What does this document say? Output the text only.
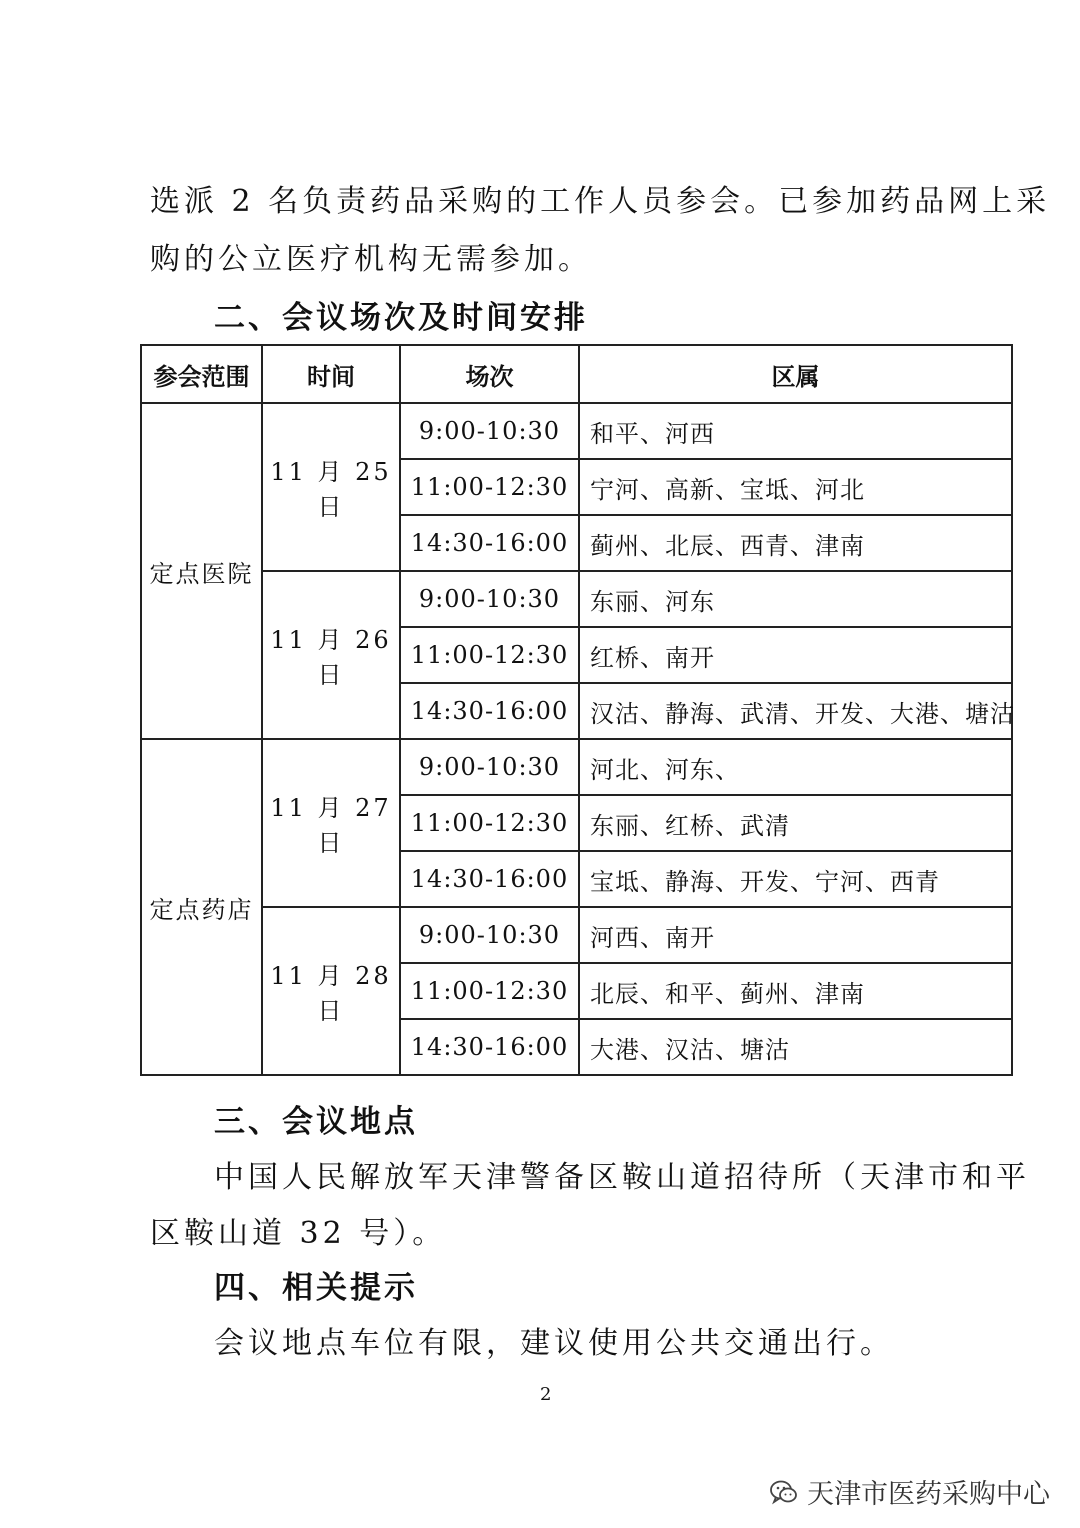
选派 2 名负责药品采购的工作人员参会。已参加药品网上采
购的公立医疗机构无需参加。
二、会议场次及时间安排
参会范围	时间	场次	区属
定点医院	11 月 25 日	9:00-10:30	和平、河西
		11:00-12:30	宁河、高新、宝坻、河北
		14:30-16:00	蓟州、北辰、西青、津南
	11 月 26 日	9:00-10:30	东丽、河东
		11:00-12:30	红桥、南开
		14:30-16:00	汉沽、静海、武清、开发、大港、塘沽
定点药店	11 月 27 日	9:00-10:30	河北、河东、
		11:00-12:30	东丽、红桥、武清
		14:30-16:00	宝坻、静海、开发、宁河、西青
	11 月 28 日	9:00-10:30	河西、南开
		11:00-12:30	北辰、和平、蓟州、津南
		14:30-16:00	大港、汉沽、塘沽
三、会议地点
中国人民解放军天津警备区鞍山道招待所（天津市和平
区鞍山道 32 号）。
四、相关提示
会议地点车位有限，建议使用公共交通出行。
2
天津市医药采购中心
